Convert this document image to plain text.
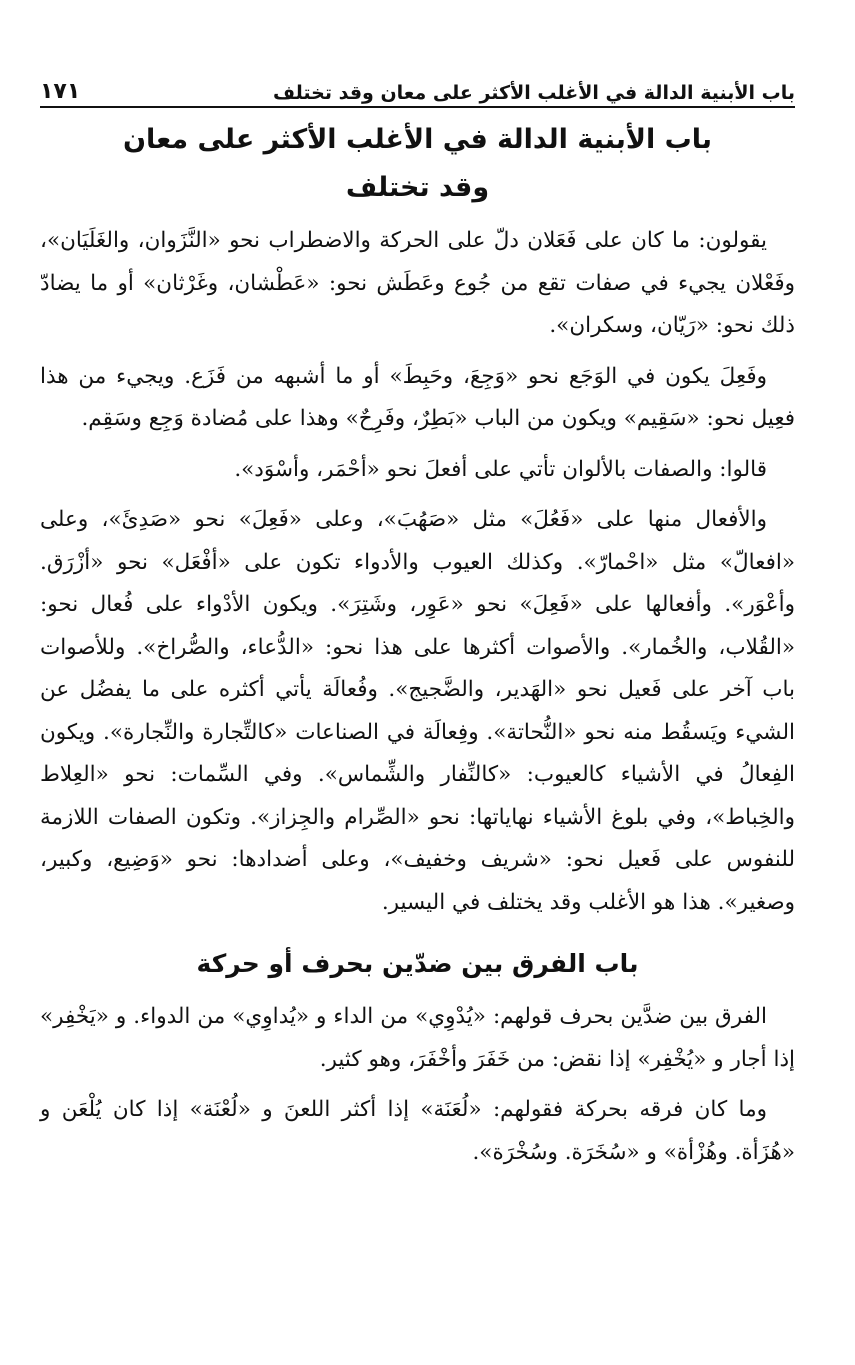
باب الأبنية الدالة في الأغلب الأكثر على معان وقد تختلف
١٧١
باب الأبنية الدالة في الأغلب الأكثر على معان
وقد تختلف

يقولون: ما كان على فَعَلان دلّ على الحركة والاضطراب نحو «النَّزَوان، والغَلَيَان»، وفَعْلان يجيء في صفات تقع من جُوع وعَطَش نحو: «عَطْشان، وغَرْثان» أو ما يضادّ ذلك نحو: «رَيّان، وسكران».

وفَعِلَ يكون في الوَجَع نحو «وَجِعَ، وحَبِطَ» أو ما أشبهه من فَزَع. ويجيء من هذا فعِيل نحو: «سَقِيم» ويكون من الباب «بَطِرٌ، وفَرِحٌ» وهذا على مُضادة وَجِع وسَقِم.

قالوا: والصفات بالألوان تأتي على أفعلَ نحو «أحْمَر، وأسْوَد».

والأفعال منها على «فَعُلَ» مثل «صَهُبَ»، وعلى «فَعِلَ» نحو «صَدِئَ»، وعلى «افعالّ» مثل «احْمارّ». وكذلك العيوب والأدواء تكون على «أفْعَل» نحو «أزْرَق. وأعْوَر». وأفعالها على «فَعِلَ» نحو «عَوِر، وشَتِرَ». ويكون الأدْواء على فُعال نحو: «القُلاب، والخُمار». والأصوات أكثرها على هذا نحو: «الدُّعاء، والصُّراخ». وللأصوات باب آخر على فَعيل نحو «الهَدير، والضَّجيج». وفُعالَة يأتي أكثره على ما يفضُل عن الشيء ويَسقُط منه نحو «النُّحاتة». وفِعالَة في الصناعات «كالتِّجارة والنِّجارة». ويكون الفِعالُ في الأشياء كالعيوب: «كالنِّفار والشِّماس». وفي السِّمات: نحو «العِلاط والخِباط»، وفي بلوغ الأشياء نهاياتها: نحو «الصِّرام والجِزاز». وتكون الصفات اللازمة للنفوس على فَعيل نحو: «شريف وخفيف»، وعلى أضدادها: نحو «وَضِيع، وكبير، وصغير». هذا هو الأغلب وقد يختلف في اليسير.

باب الفرق بين ضدّين بحرف أو حركة

الفرق بين ضدَّين بحرف قولهم: «يُدْوِي» من الداء و «يُداوِي» من الدواء. و «يَخْفِر» إذا أجار و «يُخْفِر» إذا نقض: من خَفَرَ وأخْفَرَ، وهو كثير.

وما كان فرقه بحركة فقولهم: «لُعَنَة» إذا أكثر اللعنَ و «لُعْنَة» إذا كان يُلْعَن و «هُزَأة. وهُزْأة» و «سُخَرَة. وسُخْرَة».
